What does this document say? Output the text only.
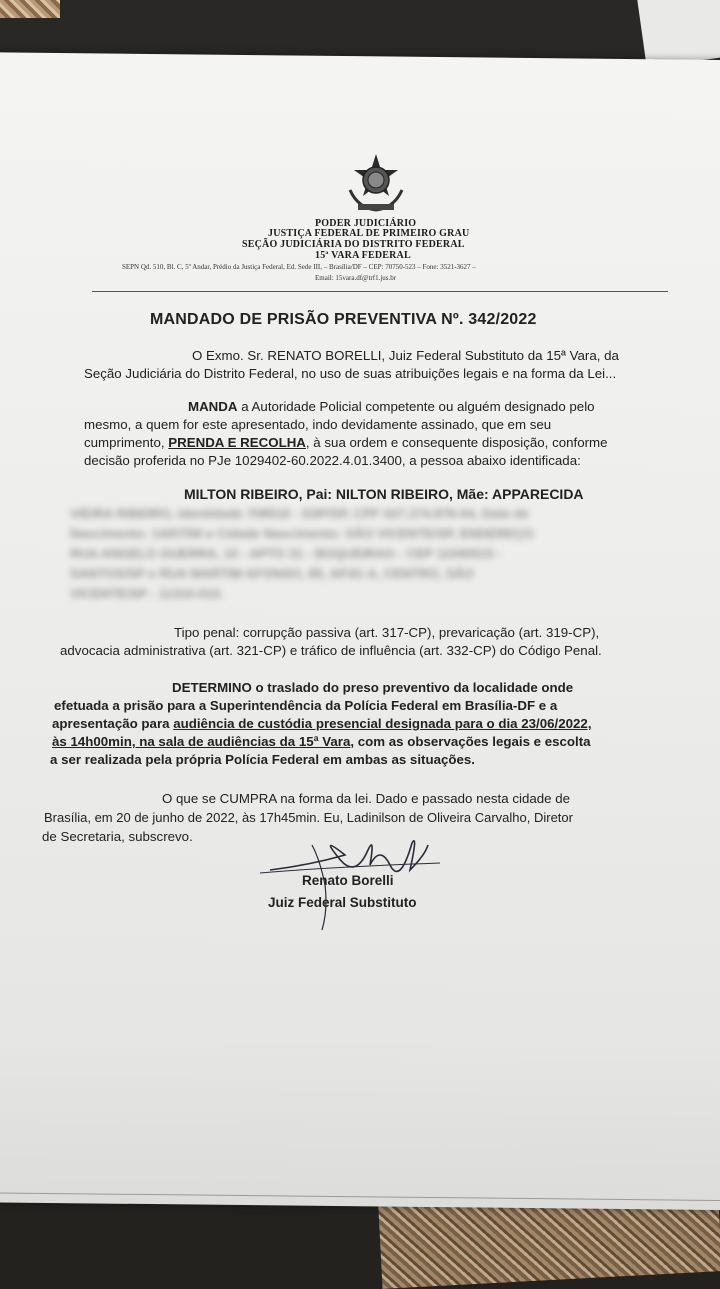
PODER JUDICIÁRIO
JUSTIÇA FEDERAL DE PRIMEIRO GRAU
SEÇÃO JUDICIÁRIA DO DISTRITO FEDERAL
15ª VARA FEDERAL
SEPN Qd. 510, Bl. C, 5º Andar, Prédio da Justiça Federal, Ed. Sede III, – Brasília/DF – CEP: 70750-523 – Fone: 3521-3627 –
Email: 15vara.df@trf1.jus.br
MANDADO DE PRISÃO PREVENTIVA Nº. 342/2022
O Exmo. Sr. RENATO BORELLI, Juiz Federal Substituto da 15ª Vara, da
Seção Judiciária do Distrito Federal, no uso de suas atribuições legais e na forma da Lei...
MANDA a Autoridade Policial competente ou alguém designado pelo
mesmo, a quem for este apresentado, indo devidamente assinado, que em seu
cumprimento, PRENDA E RECOLHA, à sua ordem e consequente disposição, conforme
decisão proferida no PJe 1029402-60.2022.4.01.3400, a pessoa abaixo identificada:
MILTON RIBEIRO, Pai: NILTON RIBEIRO, Mãe: APPARECIDA
VIEIRA RIBEIRO, Identidade 708518 - SSP/SP, CPF 027.274.878-04, Data de
Nascimento: 14/07/58 e Cidade Nascimento: SÃO VICENTE/SP, ENDEREÇO
RUA ANGELO GUERRA, 10 - APTO 31 - BOQUEIRAO - CEP 11040015 -
SANTOS/SP e RUA MARTIM AFONSO, 85, AP.81 A, CENTRO, SÃO
VICENTE/SP - 11310-010.
Tipo penal: corrupção passiva (art. 317-CP), prevaricação (art. 319-CP),
advocacia administrativa (art. 321-CP) e tráfico de influência (art. 332-CP) do Código Penal.
DETERMINO o traslado do preso preventivo da localidade onde
efetuada a prisão para a Superintendência da Polícia Federal em Brasília-DF e a
apresentação para audiência de custódia presencial designada para o dia 23/06/2022,
às 14h00min, na sala de audiências da 15ª Vara, com as observações legais e escolta
a ser realizada pela própria Polícia Federal em ambas as situações.
O que se CUMPRA na forma da lei. Dado e passado nesta cidade de
Brasília, em 20 de junho de 2022, às 17h45min. Eu, Ladinilson de Oliveira Carvalho, Diretor
de Secretaria, subscrevo.
Renato Borelli
Juiz Federal Substituto
